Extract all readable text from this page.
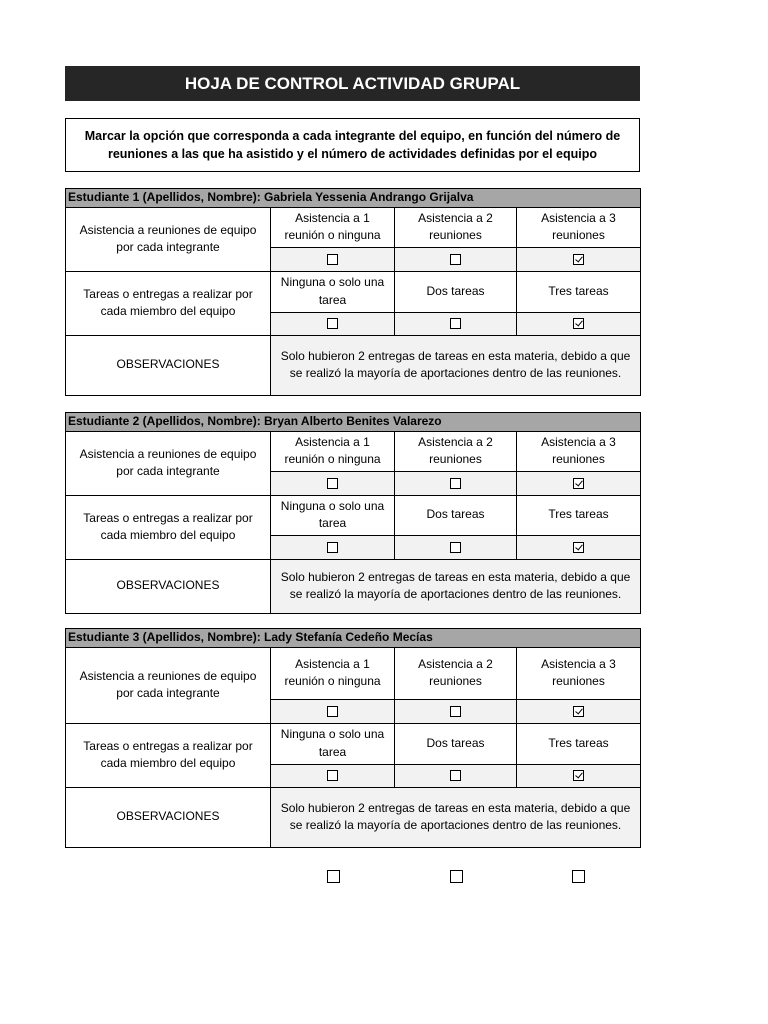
HOJA DE CONTROL ACTIVIDAD GRUPAL
Marcar la opción que corresponda a cada integrante del equipo, en función del número de reuniones a las que ha asistido y el número de actividades definidas por el equipo
Estudiante 1 (Apellidos, Nombre): Gabriela Yessenia Andrango Grijalva			
Asistencia a reuniones de equipo por cada integrante	Asistencia a 1 reunión o ninguna	Asistencia a 2 reuniones	Asistencia a 3 reuniones

Tareas o entregas a realizar por cada miembro del equipo	Ninguna o solo una tarea	Dos tareas	Tres tareas

OBSERVACIONES	Solo hubieron 2 entregas de tareas en esta materia, debido a que se realizó la mayoría de aportaciones dentro de las reuniones.		
Estudiante 2 (Apellidos, Nombre): Bryan Alberto Benites Valarezo			
Asistencia a reuniones de equipo por cada integrante	Asistencia a 1 reunión o ninguna	Asistencia a 2 reuniones	Asistencia a 3 reuniones

Tareas o entregas a realizar por cada miembro del equipo	Ninguna o solo una tarea	Dos tareas	Tres tareas

OBSERVACIONES	Solo hubieron 2 entregas de tareas en esta materia, debido a que se realizó la mayoría de aportaciones dentro de las reuniones.		
Estudiante 3 (Apellidos, Nombre): Lady Stefanía Cedeño Mecías			
Asistencia a reuniones de equipo por cada integrante	Asistencia a 1 reunión o ninguna	Asistencia a 2 reuniones	Asistencia a 3 reuniones

Tareas o entregas a realizar por cada miembro del equipo	Ninguna o solo una tarea	Dos tareas	Tres tareas

OBSERVACIONES	Solo hubieron 2 entregas de tareas en esta materia, debido a que se realizó la mayoría de aportaciones dentro de las reuniones.		
